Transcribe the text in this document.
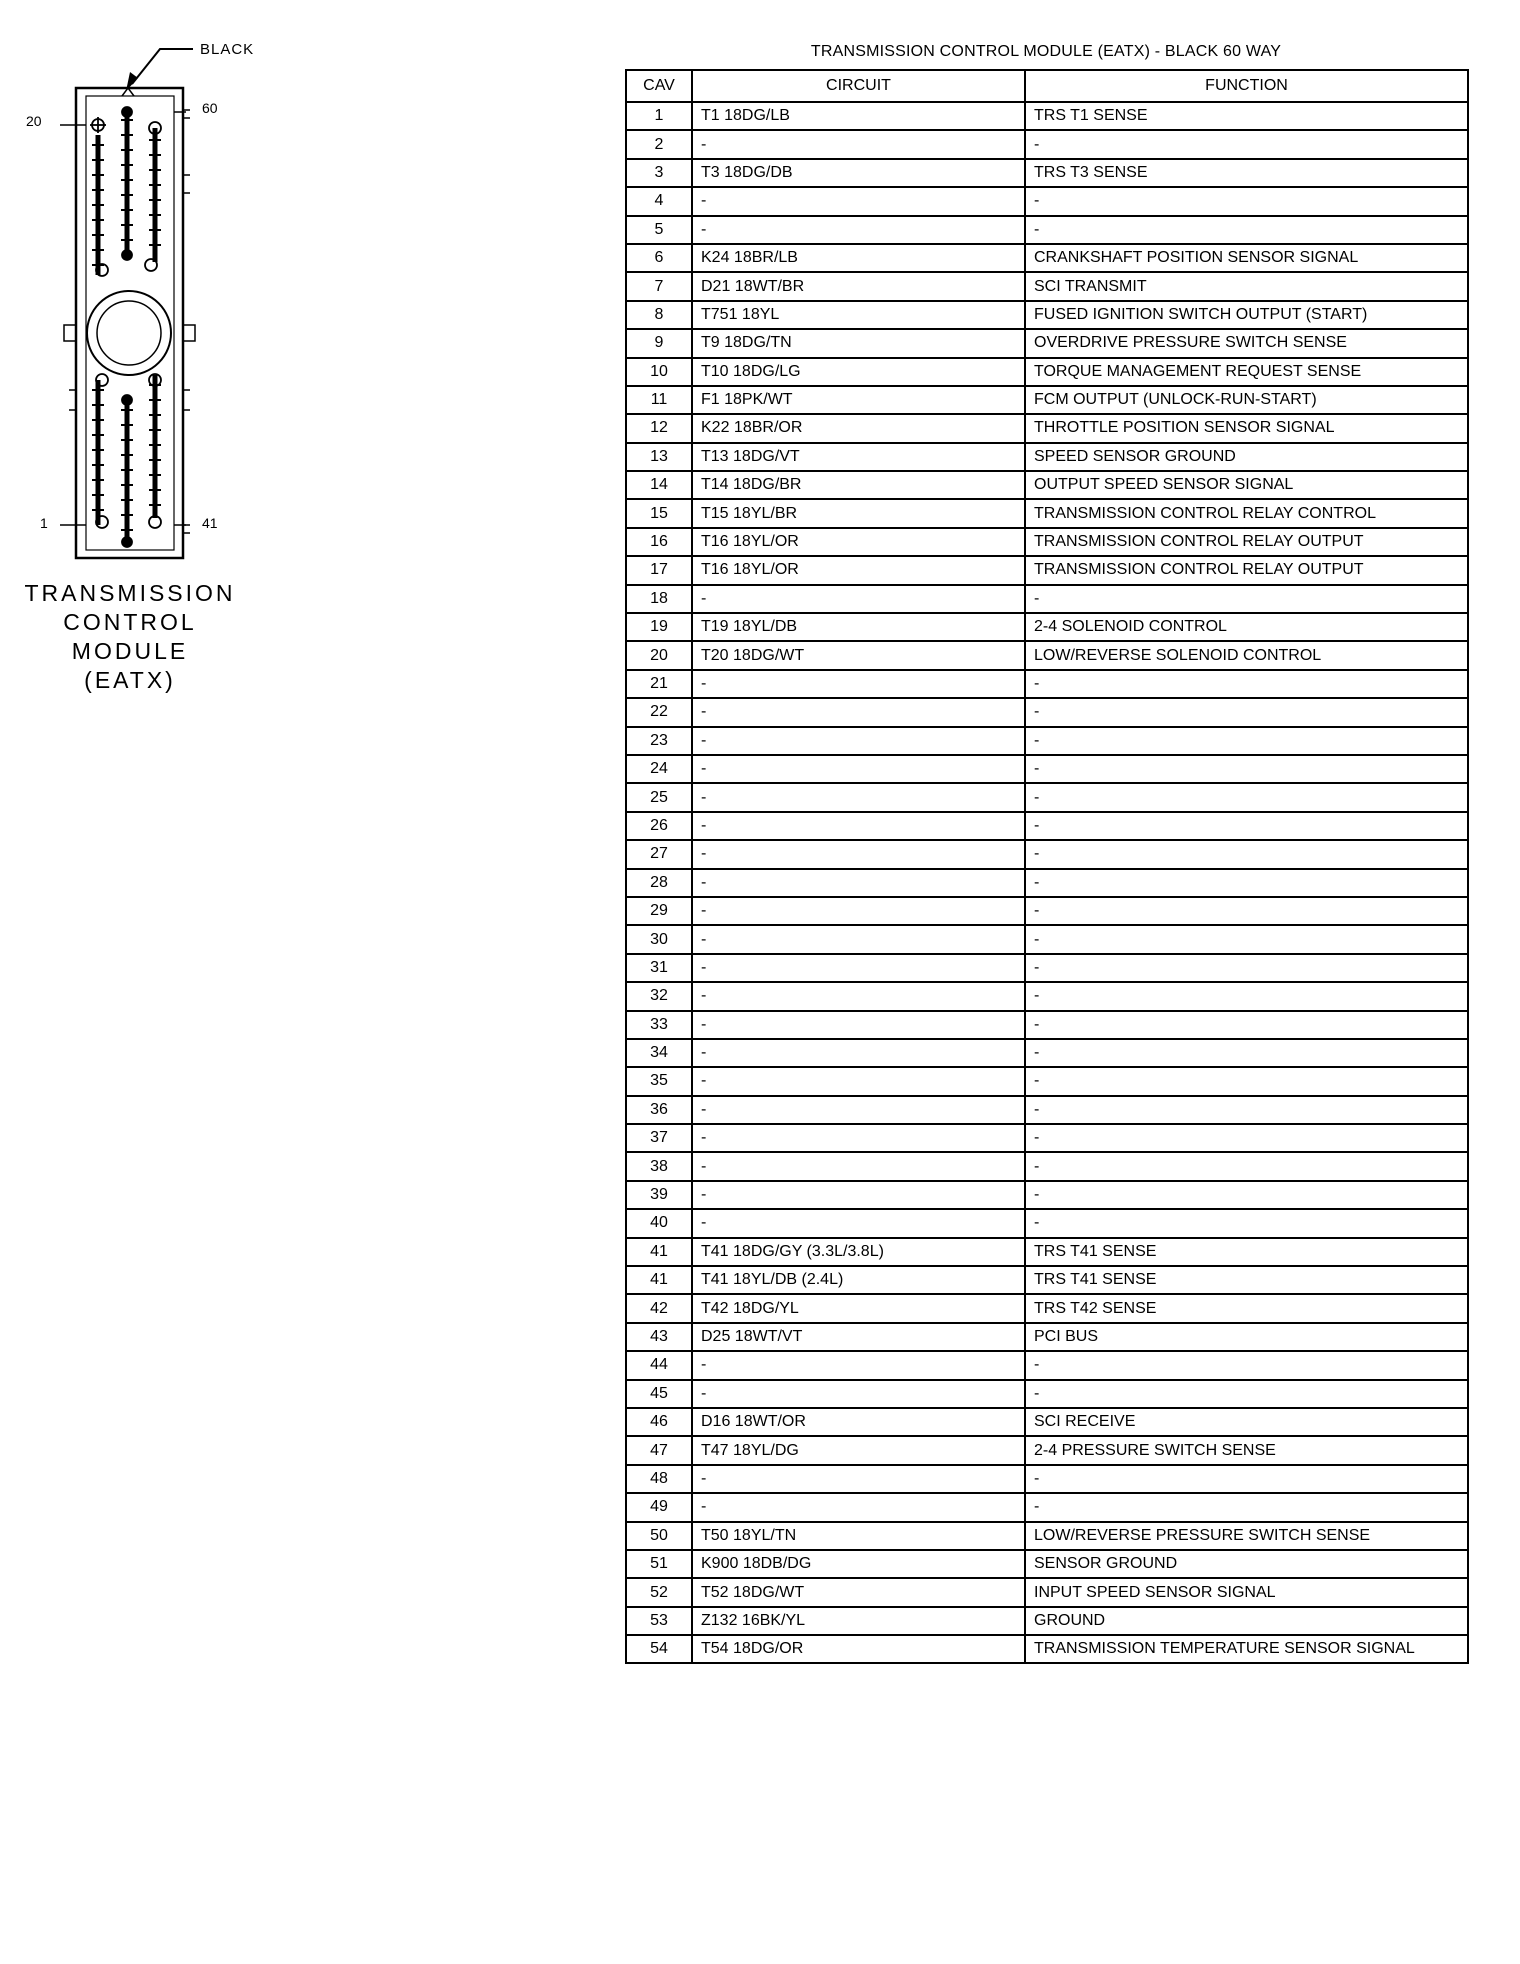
BLACK
20
60
1	41
TRANSMISSION
CONTROL
MODULE
(EATX)
TRANSMISSION CONTROL MODULE (EATX) - BLACK 60 WAY
CAV	CIRCUIT	FUNCTION
1	T1 18DG/LB	TRS T1 SENSE
2	-	-
3	T3 18DG/DB	TRS T3 SENSE
4	-	-
5	-	-
6	K24 18BR/LB	CRANKSHAFT POSITION SENSOR SIGNAL
7	D21 18WT/BR	SCI TRANSMIT
8	T751 18YL	FUSED IGNITION SWITCH OUTPUT (START)
9	T9 18DG/TN	OVERDRIVE PRESSURE SWITCH SENSE
10	T10 18DG/LG	TORQUE MANAGEMENT REQUEST SENSE
11	F1 18PK/WT	FCM OUTPUT (UNLOCK-RUN-START)
12	K22 18BR/OR	THROTTLE POSITION SENSOR SIGNAL
13	T13 18DG/VT	SPEED SENSOR GROUND
14	T14 18DG/BR	OUTPUT SPEED SENSOR SIGNAL
15	T15 18YL/BR	TRANSMISSION CONTROL RELAY CONTROL
16	T16 18YL/OR	TRANSMISSION CONTROL RELAY OUTPUT
17	T16 18YL/OR	TRANSMISSION CONTROL RELAY OUTPUT
18	-	-
19	T19 18YL/DB	2-4 SOLENOID CONTROL
20	T20 18DG/WT	LOW/REVERSE SOLENOID CONTROL
21	-	-
22	-	-
23	-	-
24	-	-
25	-	-
26	-	-
27	-	-
28	-	-
29	-	-
30	-	-
31	-	-
32	-	-
33	-	-
34	-	-
35	-	-
36	-	-
37	-	-
38	-	-
39	-	-
40	-	-
41	T41 18DG/GY (3.3L/3.8L)	TRS T41 SENSE
41	T41 18YL/DB (2.4L)	TRS T41 SENSE
42	T42 18DG/YL	TRS T42 SENSE
43	D25 18WT/VT	PCI BUS
44	-	-
45	-	-
46	D16 18WT/OR	SCI RECEIVE
47	T47 18YL/DG	2-4 PRESSURE SWITCH SENSE
48	-	-
49	-	-
50	T50 18YL/TN	LOW/REVERSE PRESSURE SWITCH SENSE
51	K900 18DB/DG	SENSOR GROUND
52	T52 18DG/WT	INPUT SPEED SENSOR SIGNAL
53	Z132 16BK/YL	GROUND
54	T54 18DG/OR	TRANSMISSION TEMPERATURE SENSOR SIGNAL
